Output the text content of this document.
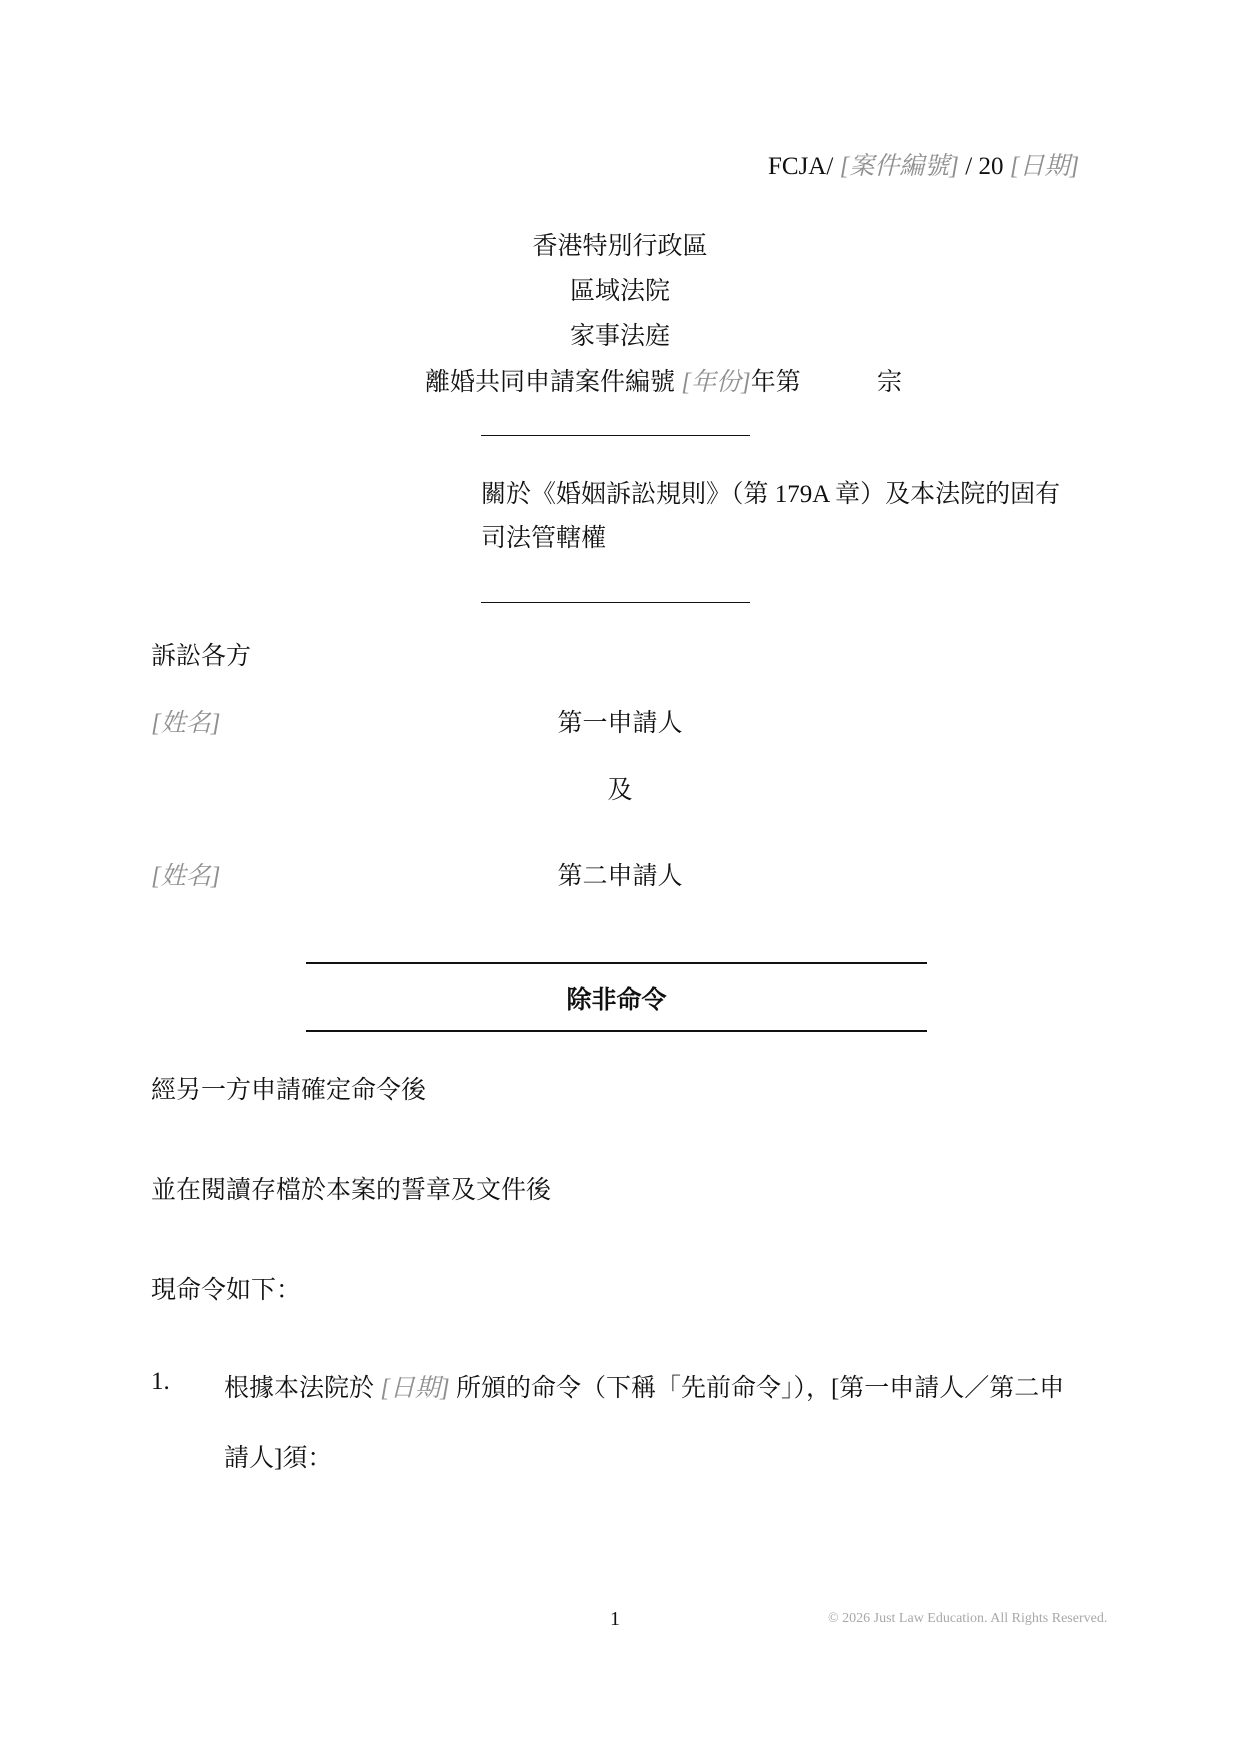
FCJA/ [案件編號] / 20 [日期]
香港特別行政區
區域法院
家事法庭
離婚共同申請案件編號 [年份]年第	宗
關於《婚姻訴訟規則》（第 179A 章）及本法院的固有
司法管轄權
訴訟各方
[姓名]	第一申請人
及
[姓名]	第二申請人
除非命令
經另一方申請確定命令後
並在閱讀存檔於本案的誓章及文件後
現命令如下：
1. 根據本法院於 [日期] 所頒的命令（下稱「先前命令」），[第一申請人／第二申
請人]須：
1	© 2026 Just Law Education. All Rights Reserved.
